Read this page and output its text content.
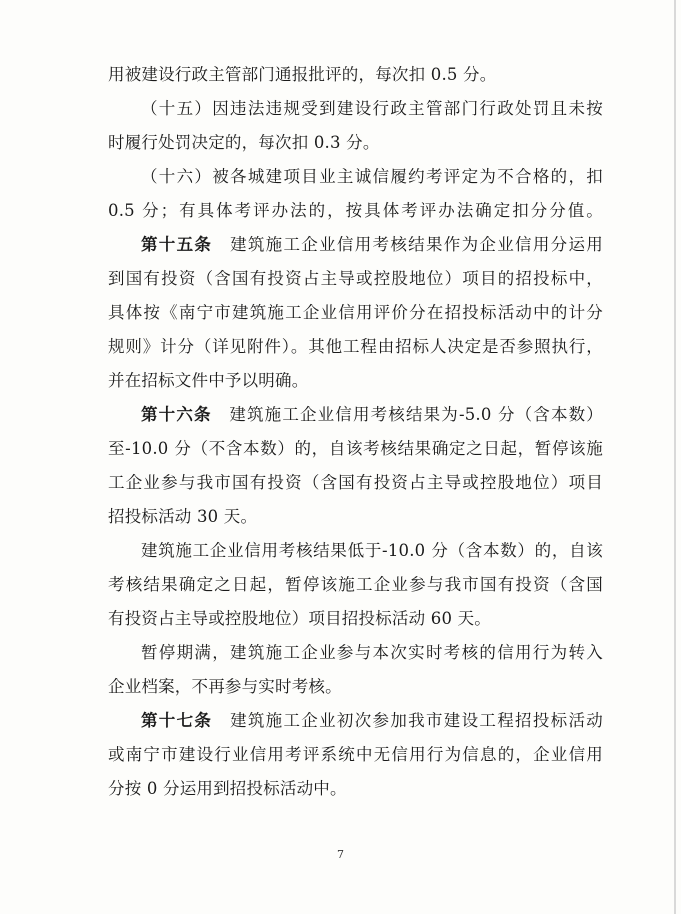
用被建设行政主管部门通报批评的，每次扣 0.5 分。
（十五）因违法违规受到建设行政主管部门行政处罚且未按
时履行处罚决定的，每次扣 0.3 分。
（十六）被各城建项目业主诚信履约考评定为不合格的，扣
0.5 分；有具体考评办法的，按具体考评办法确定扣分分值。
第十五条　 建筑施工企业信用考核结果作为企业信用分运用
到国有投资（含国有投资占主导或控股地位）项目的招投标中，
具体按《南宁市建筑施工企业信用评价分在招投标活动中的计分
规则》计分（详见附件）。其他工程由招标人决定是否参照执行，
并在招标文件中予以明确。
第十六条　 建筑施工企业信用考核结果为-5.0 分（含本数）
至-10.0 分（不含本数）的，自该考核结果确定之日起，暂停该施
工企业参与我市国有投资（含国有投资占主导或控股地位）项目
招投标活动 30 天。
建筑施工企业信用考核结果低于-10.0 分（含本数）的，自该
考核结果确定之日起，暂停该施工企业参与我市国有投资（含国
有投资占主导或控股地位）项目招投标活动 60 天。
暂停期满，建筑施工企业参与本次实时考核的信用行为转入
企业档案，不再参与实时考核。
第十七条　 建筑施工企业初次参加我市建设工程招投标活动
或南宁市建设行业信用考评系统中无信用行为信息的，企业信用
分按 0 分运用到招投标活动中。
7
